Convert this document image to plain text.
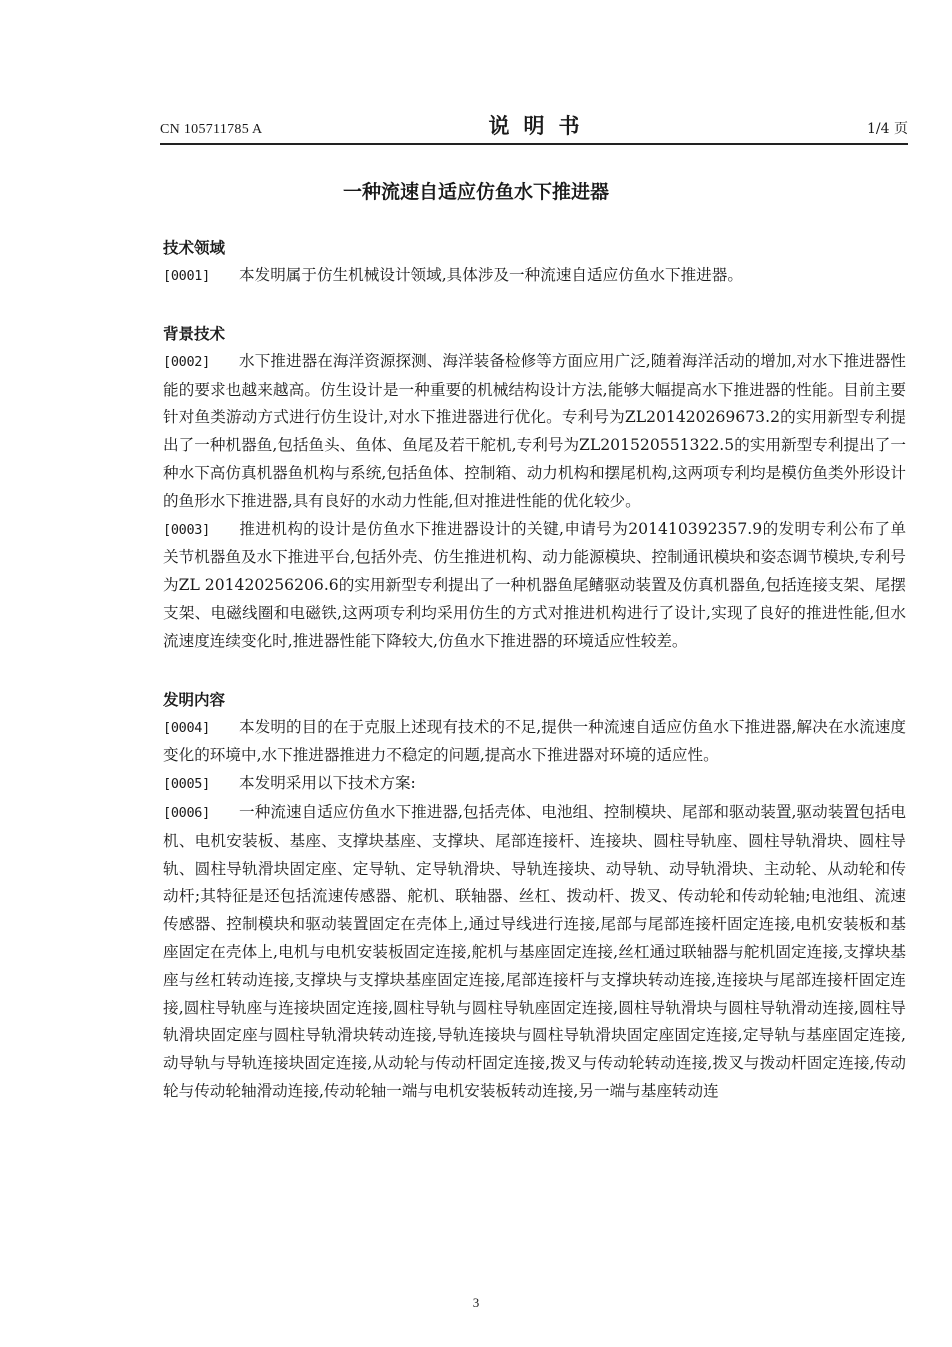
CN 105711785 A	说明书	1/4 页
一种流速自适应仿鱼水下推进器
技术领域

[0001] 本发明属于仿生机械设计领域,具体涉及一种流速自适应仿鱼水下推进器。

背景技术

[0002] 水下推进器在海洋资源探测、海洋装备检修等方面应用广泛,随着海洋活动的增加,对水下推进器性能的要求也越来越高。仿生设计是一种重要的机械结构设计方法,能够大幅提高水下推进器的性能。目前主要针对鱼类游动方式进行仿生设计,对水下推进器进行优化。专利号为ZL201420269673.2的实用新型专利提出了一种机器鱼,包括鱼头、鱼体、鱼尾及若干舵机,专利号为ZL201520551322.5的实用新型专利提出了一种水下高仿真机器鱼机构与系统,包括鱼体、控制箱、动力机构和摆尾机构,这两项专利均是模仿鱼类外形设计的鱼形水下推进器,具有良好的水动力性能,但对推进性能的优化较少。

[0003] 推进机构的设计是仿鱼水下推进器设计的关键,申请号为201410392357.9的发明专利公布了单关节机器鱼及水下推进平台,包括外壳、仿生推进机构、动力能源模块、控制通讯模块和姿态调节模块,专利号为ZL 201420256206.6的实用新型专利提出了一种机器鱼尾鳍驱动装置及仿真机器鱼,包括连接支架、尾摆支架、电磁线圈和电磁铁,这两项专利均采用仿生的方式对推进机构进行了设计,实现了良好的推进性能,但水流速度连续变化时,推进器性能下降较大,仿鱼水下推进器的环境适应性较差。

发明内容

[0004] 本发明的目的在于克服上述现有技术的不足,提供一种流速自适应仿鱼水下推进器,解决在水流速度变化的环境中,水下推进器推进力不稳定的问题,提高水下推进器对环境的适应性。

[0005] 本发明采用以下技术方案:

[0006] 一种流速自适应仿鱼水下推进器,包括壳体、电池组、控制模块、尾部和驱动装置,驱动装置包括电机、电机安装板、基座、支撑块基座、支撑块、尾部连接杆、连接块、圆柱导轨座、圆柱导轨滑块、圆柱导轨、圆柱导轨滑块固定座、定导轨、定导轨滑块、导轨连接块、动导轨、动导轨滑块、主动轮、从动轮和传动杆;其特征是还包括流速传感器、舵机、联轴器、丝杠、拨动杆、拨叉、传动轮和传动轮轴;电池组、流速传感器、控制模块和驱动装置固定在壳体上,通过导线进行连接,尾部与尾部连接杆固定连接,电机安装板和基座固定在壳体上,电机与电机安装板固定连接,舵机与基座固定连接,丝杠通过联轴器与舵机固定连接,支撑块基座与丝杠转动连接,支撑块与支撑块基座固定连接,尾部连接杆与支撑块转动连接,连接块与尾部连接杆固定连接,圆柱导轨座与连接块固定连接,圆柱导轨与圆柱导轨座固定连接,圆柱导轨滑块与圆柱导轨滑动连接,圆柱导轨滑块固定座与圆柱导轨滑块转动连接,导轨连接块与圆柱导轨滑块固定座固定连接,定导轨与基座固定连接,动导轨与导轨连接块固定连接,从动轮与传动杆固定连接,拨叉与传动轮转动连接,拨叉与拨动杆固定连接,传动轮与传动轮轴滑动连接,传动轮轴一端与电机安装板转动连接,另一端与基座转动连

3
